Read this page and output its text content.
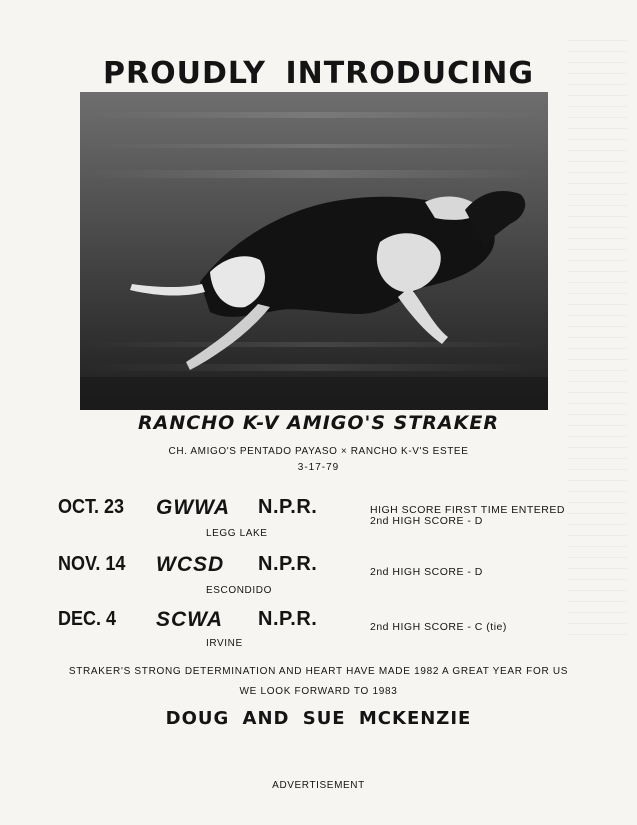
PROUDLY INTRODUCING
RANCHO K-V AMIGO'S STRAKER
CH. AMIGO'S PENTADO PAYASO × RANCHO K-V'S ESTEE
3-17-79
OCT. 23 GWWA N.P.R.
LEGG LAKE
HIGH SCORE FIRST TIME ENTERED
2nd HIGH SCORE - D
NOV. 14 WCSD N.P.R.
ESCONDIDO
2nd HIGH SCORE - D
DEC. 4 SCWA N.P.R.
IRVINE
2nd HIGH SCORE - C (tie)
STRAKER'S STRONG DETERMINATION AND HEART HAVE MADE 1982 A GREAT YEAR FOR US
WE LOOK FORWARD TO 1983
DOUG AND SUE MCKENZIE
ADVERTISEMENT
